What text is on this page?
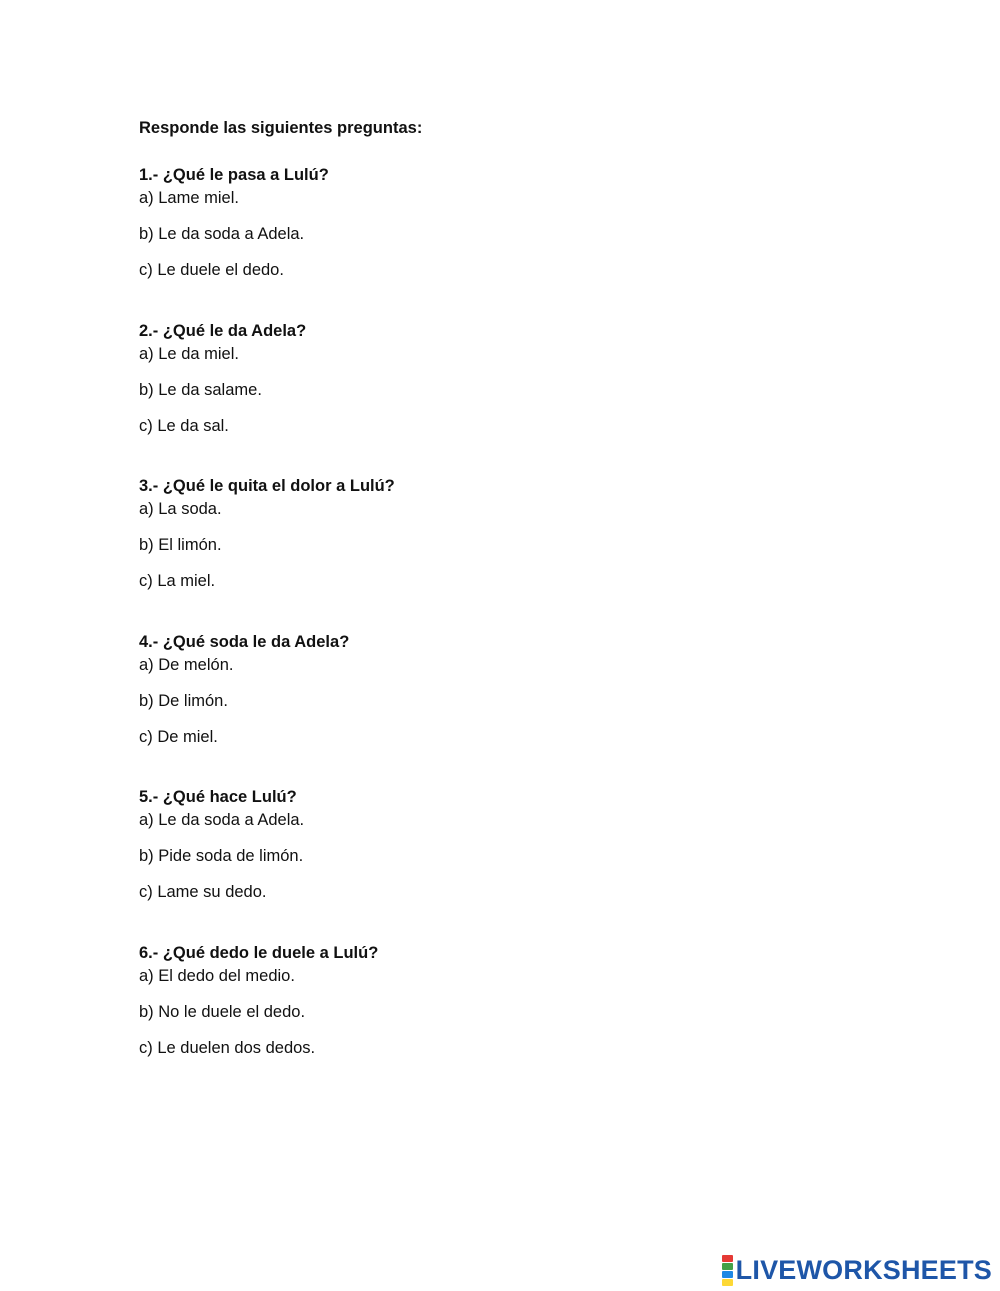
Responde las siguientes preguntas:
1.- ¿Qué le pasa a Lulú?
a) Lame miel.
b) Le da soda a Adela.
c) Le duele el dedo.
2.- ¿Qué le da Adela?
a) Le da miel.
b) Le da salame.
c) Le da sal.
3.- ¿Qué le quita el dolor a Lulú?
a) La soda.
b) El limón.
c) La miel.
4.- ¿Qué soda le da Adela?
a) De melón.
b) De limón.
c) De miel.
5.- ¿Qué hace Lulú?
a) Le da soda a Adela.
b) Pide soda de limón.
c) Lame su dedo.
6.- ¿Qué dedo le duele a Lulú?
a) El dedo del medio.
b) No le duele el dedo.
c) Le duelen dos dedos.
LIVEWORKSHEETS
